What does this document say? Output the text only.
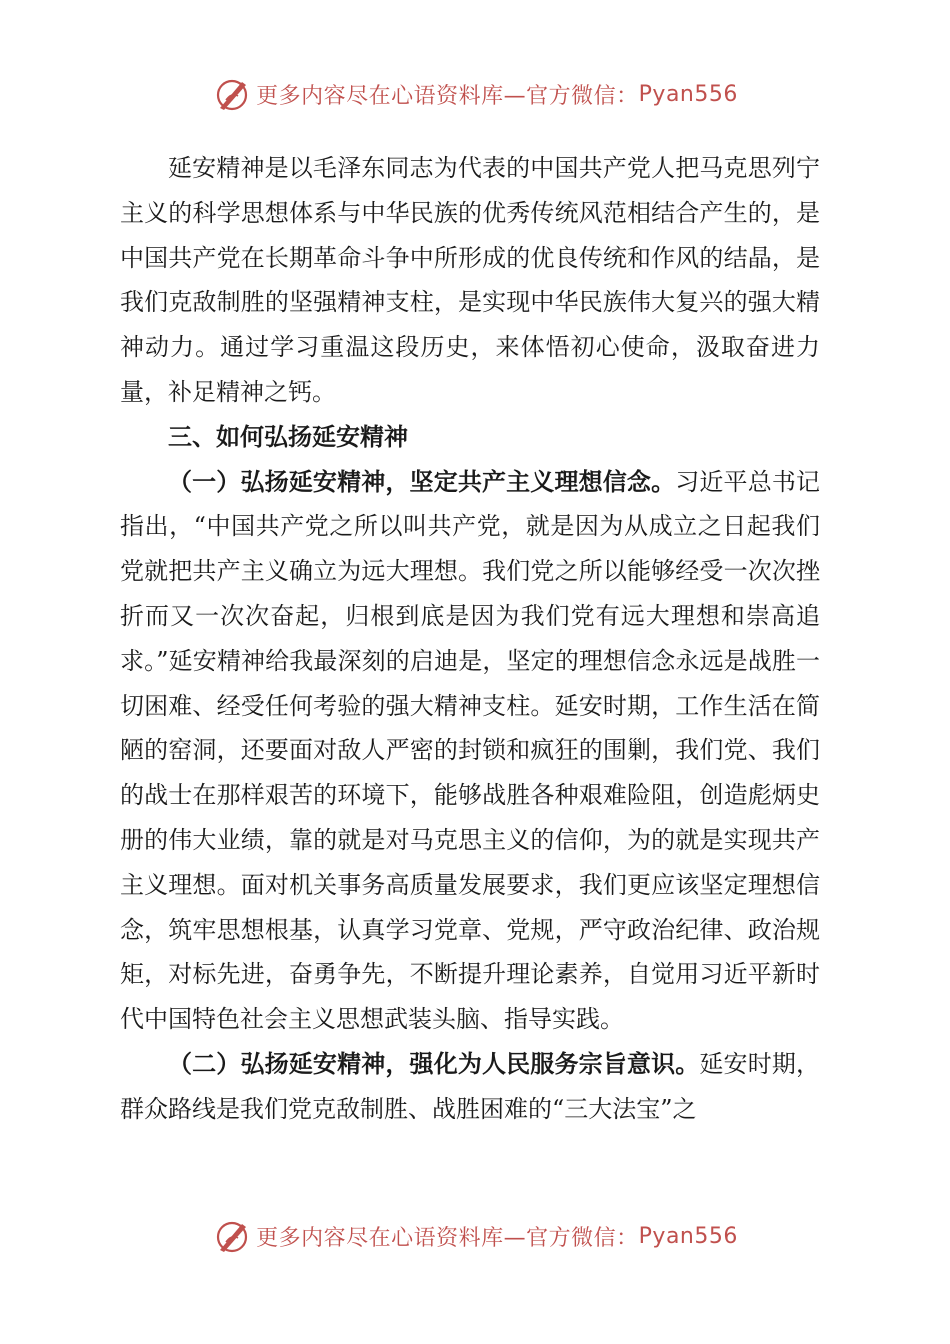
更多内容尽在心语资料库—官方微信： Pyan556

延安精神是以毛泽东同志为代表的中国共产党人把马克思列宁主义的科学思想体系与中华民族的优秀传统风范相结合产生的，是中国共产党在长期革命斗争中所形成的优良传统和作风的结晶，是我们克敌制胜的坚强精神支柱，是实现中华民族伟大复兴的强大精神动力。通过学习重温这段历史，来体悟初心使命，汲取奋进力量，补足精神之钙。

三、如何弘扬延安精神

（一）弘扬延安精神，坚定共产主义理想信念。习近平总书记指出，“中国共产党之所以叫共产党，就是因为从成立之日起我们党就把共产主义确立为远大理想。我们党之所以能够经受一次次挫折而又一次次奋起，归根到底是因为我们党有远大理想和崇高追求。”延安精神给我最深刻的启迪是，坚定的理想信念永远是战胜一切困难、经受任何考验的强大精神支柱。延安时期，工作生活在简陋的窑洞，还要面对敌人严密的封锁和疯狂的围剿，我们党、我们的战士在那样艰苦的环境下，能够战胜各种艰难险阻，创造彪炳史册的伟大业绩，靠的就是对马克思主义的信仰，为的就是实现共产主义理想。面对机关事务高质量发展要求，我们更应该坚定理想信念，筑牢思想根基，认真学习党章、党规，严守政治纪律、政治规矩，对标先进，奋勇争先，不断提升理论素养，自觉用习近平新时代中国特色社会主义思想武装头脑、指导实践。

（二）弘扬延安精神，强化为人民服务宗旨意识。延安时期，群众路线是我们党克敌制胜、战胜困难的“三大法宝”之

更多内容尽在心语资料库—官方微信： Pyan556
